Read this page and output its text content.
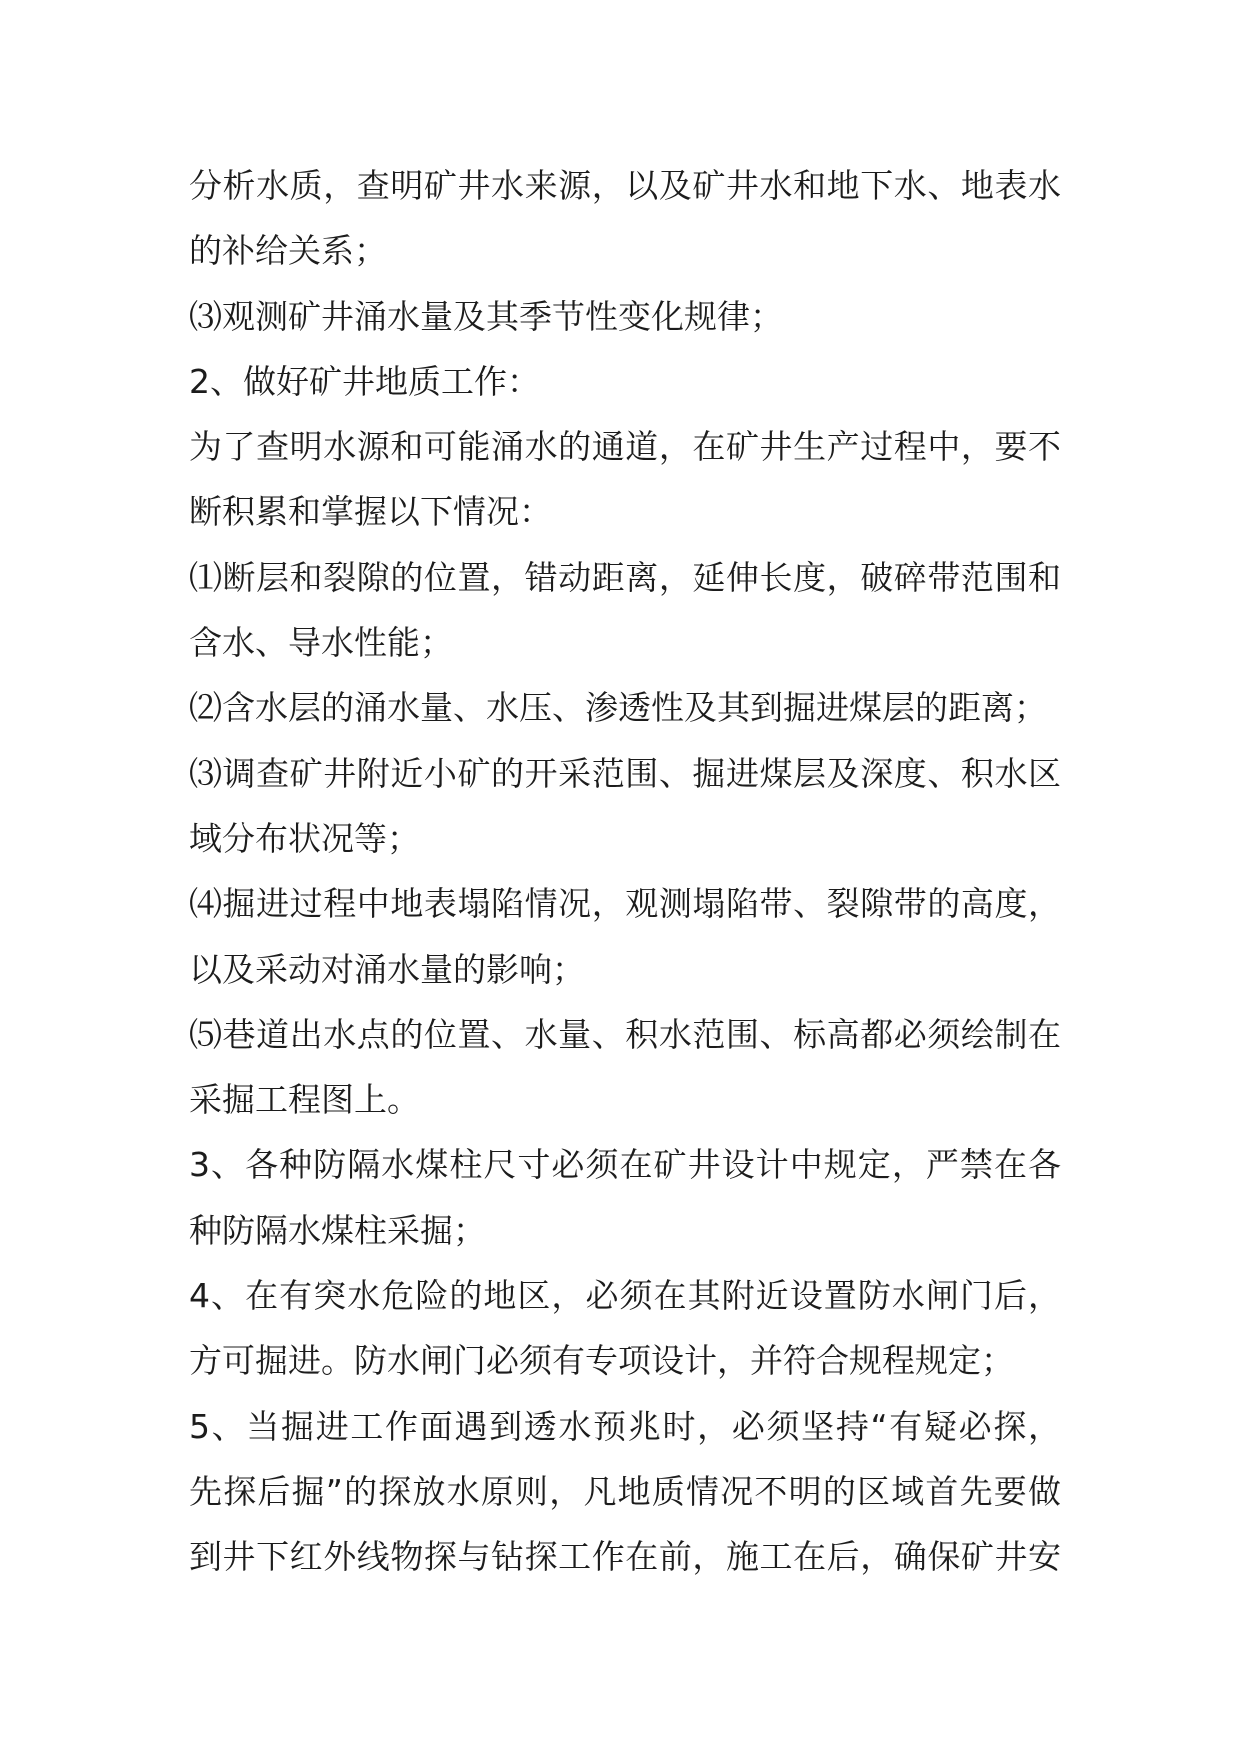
分析水质，查明矿井水来源，以及矿井水和地下水、地表水
的补给关系；
⑶观测矿井涌水量及其季节性变化规律；
2、做好矿井地质工作：
为了查明水源和可能涌水的通道，在矿井生产过程中，要不
断积累和掌握以下情况：
⑴断层和裂隙的位置，错动距离，延伸长度，破碎带范围和
含水、导水性能；
⑵含水层的涌水量、水压、渗透性及其到掘进煤层的距离；
⑶调查矿井附近小矿的开采范围、掘进煤层及深度、积水区
域分布状况等；
⑷掘进过程中地表塌陷情况，观测塌陷带、裂隙带的高度，
以及采动对涌水量的影响；
⑸巷道出水点的位置、水量、积水范围、标高都必须绘制在
采掘工程图上。
3、各种防隔水煤柱尺寸必须在矿井设计中规定，严禁在各
种防隔水煤柱采掘；
4、在有突水危险的地区，必须在其附近设置防水闸门后，
方可掘进。防水闸门必须有专项设计，并符合规程规定；
5、当掘进工作面遇到透水预兆时，必须坚持“有疑必探，
先探后掘”的探放水原则，凡地质情况不明的区域首先要做
到井下红外线物探与钻探工作在前，施工在后，确保矿井安
